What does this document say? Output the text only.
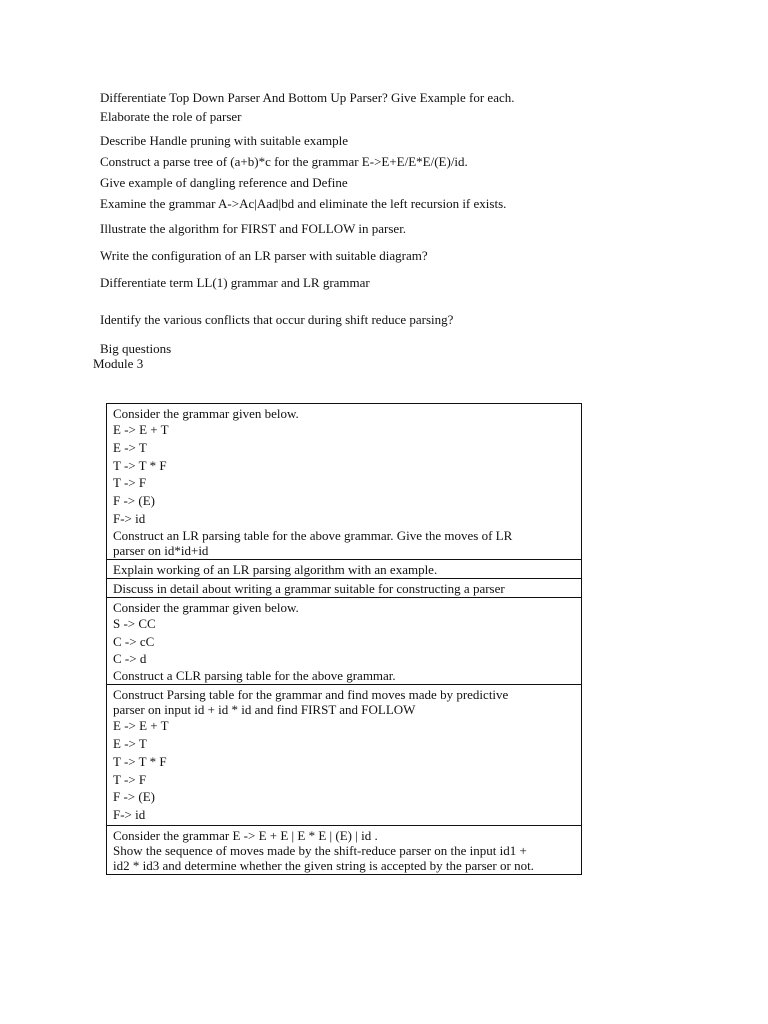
Differentiate Top Down Parser And Bottom Up Parser? Give Example for each.
Elaborate the role of parser
Describe Handle pruning with suitable example
Construct a parse tree of (a+b)*c for the grammar E->E+E/E*E/(E)/id.
Give example of dangling reference and Define
Examine the grammar A->Ac|Aad|bd and eliminate the left recursion if exists.
Illustrate the algorithm for FIRST and FOLLOW in parser.
Write the configuration of an LR parser with suitable diagram?
Differentiate term LL(1) grammar and LR grammar
Identify the various conflicts that occur during shift reduce parsing?
Big questions
Module 3
Consider the grammar given below.
E -> E + T
E -> T
T -> T * F
T -> F
F -> (E)
F-> id
Construct an LR parsing table for the above grammar. Give the moves of LR
parser on id*id+id

Explain working of an LR parsing algorithm with an example.

Discuss in detail about writing a grammar suitable for constructing a parser

Consider the grammar given below.
S -> CC
C -> cC
C -> d
Construct a CLR parsing table for the above grammar.

Construct Parsing table for the grammar and find moves made by predictive
parser on input id + id * id and find FIRST and FOLLOW
E -> E + T
E -> T
T -> T * F
T -> F
F -> (E)
F-> id

Consider the grammar E -> E + E | E * E | (E) | id .
Show the sequence of moves made by the shift-reduce parser on the input id1 +
id2 * id3 and determine whether the given string is accepted by the parser or not.
